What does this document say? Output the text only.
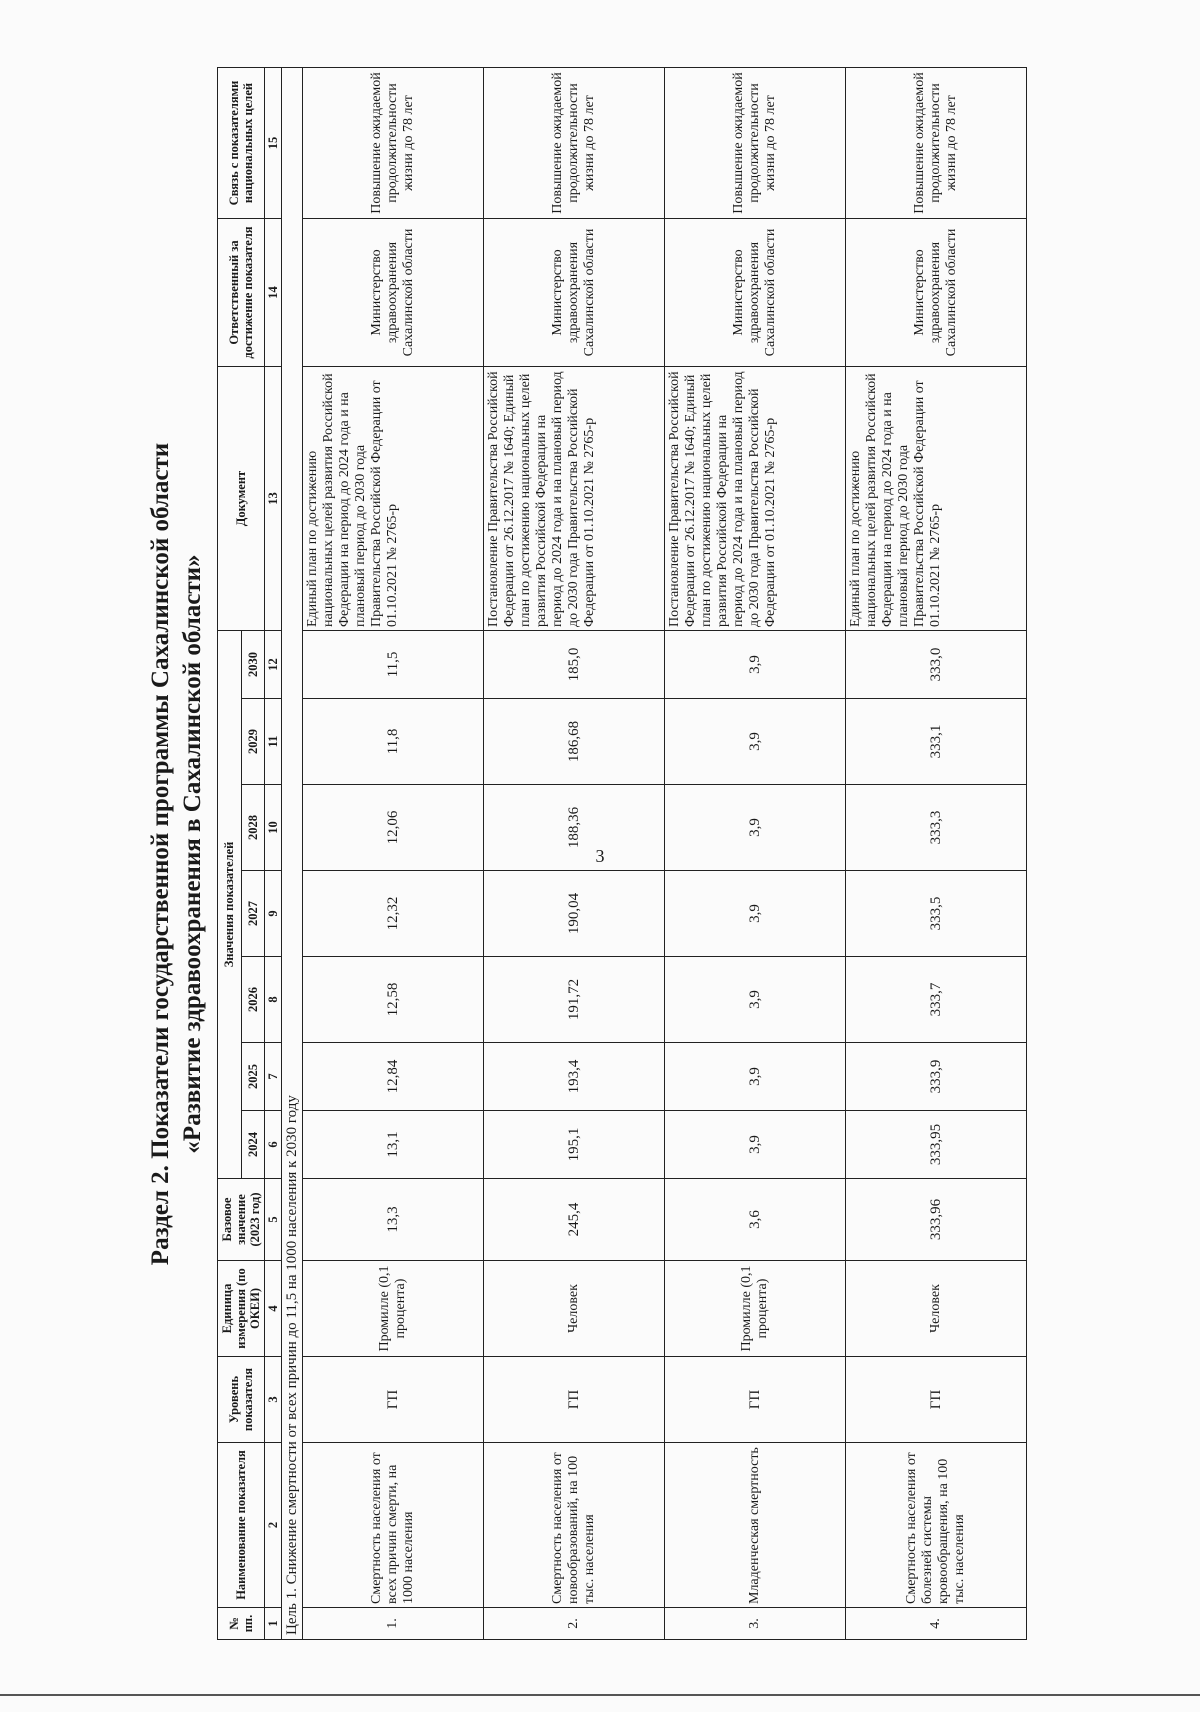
3
Раздел 2. Показатели государственной программы Сахалинской области «Развитие здравоохранения в Сахалинской области»
№ пп.	Наименование показателя	Уровень показателя	Единица измерения (по ОКЕИ)	Базовое значение (2023 год)	Значения показателей							Документ	Ответственный за достижение показателя	Связь с показателями национальных целей
					2024	2025	2026	2027	2028	2029	2030			
1	2	3	4	5	6	7	8	9	10	11	12	13	14	15
Цель 1. Снижение смертности от всех причин до 11,5 на 1000 населения к 2030 году														
1.	Смертность населения от всех причин смерти, на 1000 населения	ГП	Промилле (0,1 процента)	13,3	13,1	12,84	12,58	12,32	12,06	11,8	11,5	Единый план по достижению национальных целей развития Российской Федерации на период до 2024 года и на плановый период до 2030 года Правительства Российской Федерации от 01.10.2021 № 2765-р	Министерство здравоохранения Сахалинской области	Повышение ожидаемой продолжительности жизни до 78 лет
2.	Смертность населения от новообразований, на 100 тыс. населения	ГП	Человек	245,4	195,1	193,4	191,72	190,04	188,36	186,68	185,0	Постановление Правительства Российской Федерации от 26.12.2017 № 1640; Единый план по достижению национальных целей развития Российской Федерации на период до 2024 года и на плановый период до 2030 года Правительства Российской Федерации от 01.10.2021 № 2765-р	Министерство здравоохранения Сахалинской области	Повышение ожидаемой продолжительности жизни до 78 лет
3.	Младенческая смертность	ГП	Промилле (0,1 процента)	3,6	3,9	3,9	3,9	3,9	3,9	3,9	3,9	Постановление Правительства Российской Федерации от 26.12.2017 № 1640; Единый план по достижению национальных целей развития Российской Федерации на период до 2024 года и на плановый период до 2030 года Правительства Российской Федерации от 01.10.2021 № 2765-р	Министерство здравоохранения Сахалинской области	Повышение ожидаемой продолжительности жизни до 78 лет
4.	Смертность населения от болезней системы кровообращения, на 100 тыс. населения	ГП	Человек	333,96	333,95	333,9	333,7	333,5	333,3	333,1	333,0	Единый план по достижению национальных целей развития Российской Федерации на период до 2024 года и на плановый период до 2030 года Правительства Российской Федерации от 01.10.2021 № 2765-р	Министерство здравоохранения Сахалинской области	Повышение ожидаемой продолжительности жизни до 78 лет
